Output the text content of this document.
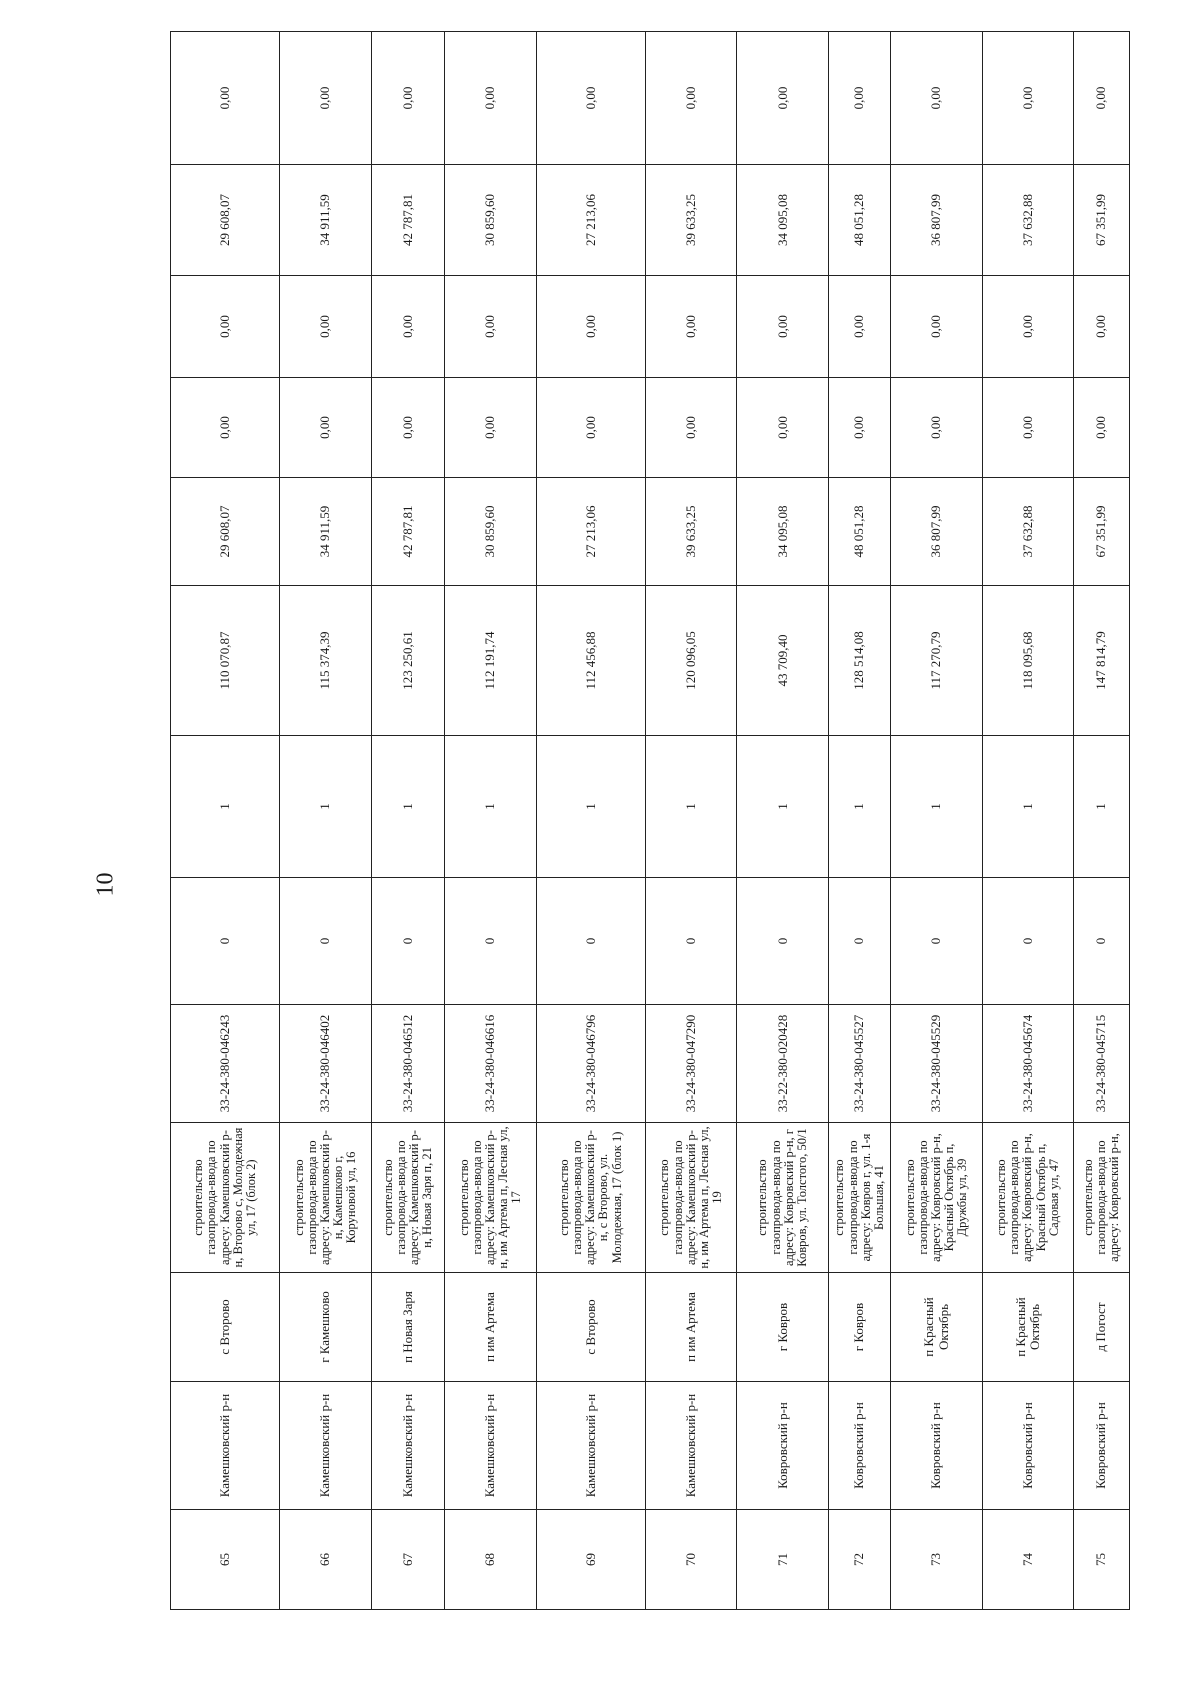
10
65	Камешковский р-н	с Второво	строительство газопровода-ввода по адресу: Камешковский р-н, Второво с, Молодежная ул, 17 (блок 2)	33-24-380-046243	0	1	110 070,87	29 608,07	0,00	0,00	29 608,07	0,00
66	Камешковский р-н	г Камешково	строительство газопровода-ввода по адресу: Камешковский р-н, Камешково г, Коруновой ул, 16	33-24-380-046402	0	1	115 374,39	34 911,59	0,00	0,00	34 911,59	0,00
67	Камешковский р-н	п Новая Заря	строительство газопровода-ввода по адресу: Камешковский р-н, Новая Заря п, 21	33-24-380-046512	0	1	123 250,61	42 787,81	0,00	0,00	42 787,81	0,00
68	Камешковский р-н	п им Артема	строительство газопровода-ввода по адресу: Камешковский р-н, им Артема п, Лесная ул, 17	33-24-380-046616	0	1	112 191,74	30 859,60	0,00	0,00	30 859,60	0,00
69	Камешковский р-н	с Второво	строительство газопровода-ввода по адресу: Камешковский р-н, с Второво, ул. Молодежная, 17 (блок 1)	33-24-380-046796	0	1	112 456,88	27 213,06	0,00	0,00	27 213,06	0,00
70	Камешковский р-н	п им Артема	строительство газопровода-ввода по адресу: Камешковский р-н, им Артема п, Лесная ул, 19	33-24-380-047290	0	1	120 096,05	39 633,25	0,00	0,00	39 633,25	0,00
71	Ковровский р-н	г Ковров	строительство газопровода-ввода по адресу: Ковровский р-н, г Ковров, ул. Толстого, 50/1	33-22-380-020428	0	1	43 709,40	34 095,08	0,00	0,00	34 095,08	0,00
72	Ковровский р-н	г Ковров	строительство газопровода-ввода по адресу: Ковров г, ул. 1-я Большая, 41	33-24-380-045527	0	1	128 514,08	48 051,28	0,00	0,00	48 051,28	0,00
73	Ковровский р-н	п Красный Октябрь	строительство газопровода-ввода по адресу: Ковровский р-н, Красный Октябрь п, Дружбы ул, 39	33-24-380-045529	0	1	117 270,79	36 807,99	0,00	0,00	36 807,99	0,00
74	Ковровский р-н	п Красный Октябрь	строительство газопровода-ввода по адресу: Ковровский р-н, Красный Октябрь п, Садовая ул, 47	33-24-380-045674	0	1	118 095,68	37 632,88	0,00	0,00	37 632,88	0,00
75	Ковровский р-н	д Погост	строительство газопровода-ввода по адресу: Ковровский р-н,	33-24-380-045715	0	1	147 814,79	67 351,99	0,00	0,00	67 351,99	0,00
